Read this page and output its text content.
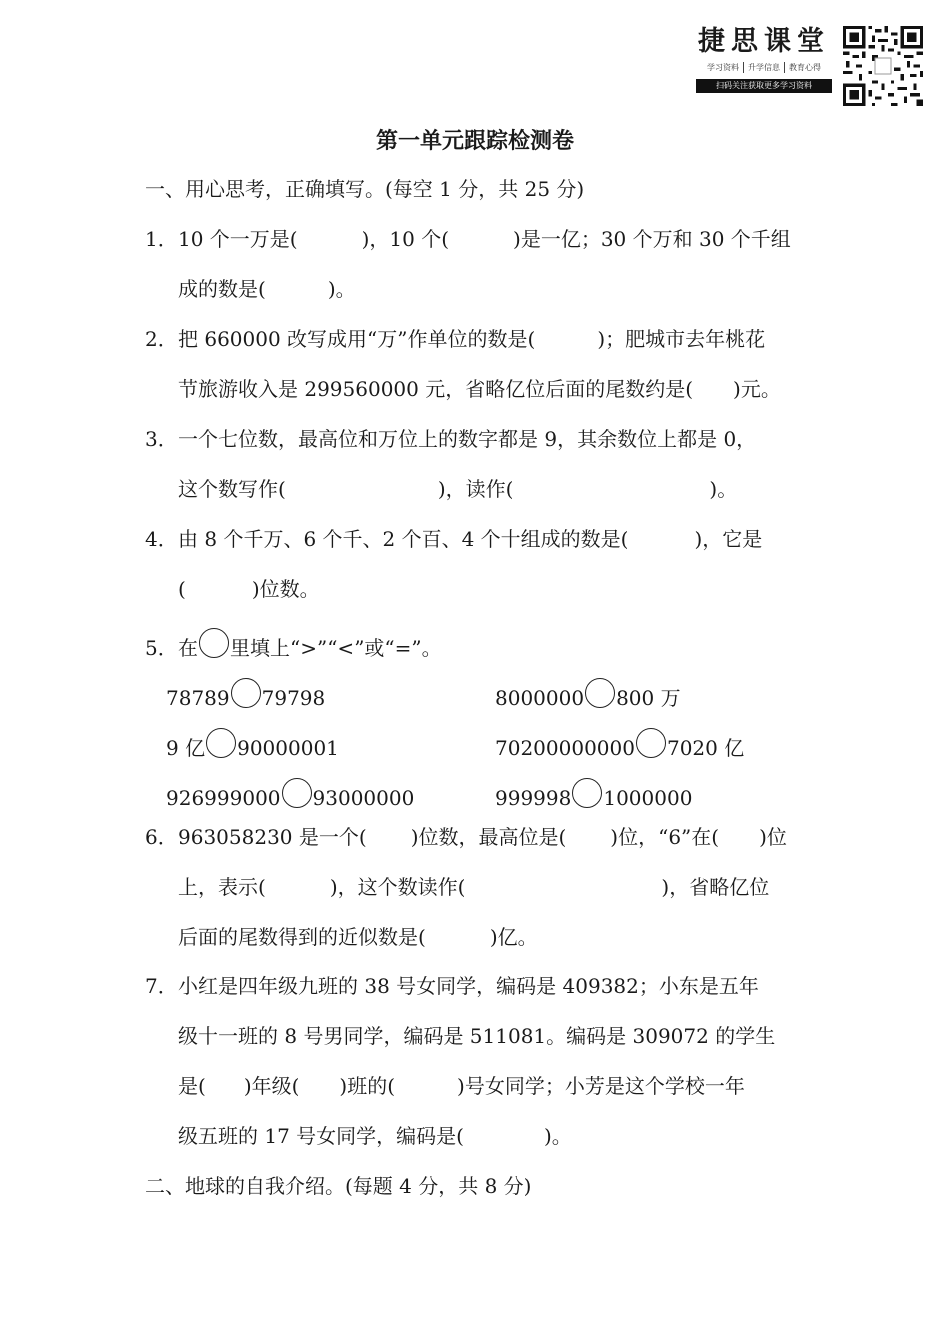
捷思课堂
学习资料	升学信息	教育心得
扫码关注获取更多学习资料
第一单元跟踪检测卷
一、用心思考，正确填写。(每空 1 分，共 25 分)
1．10 个一万是(	)，10 个(	)是一亿；30 个万和 30 个千组
成的数是(	)。
2．把 660000 改写成用“万”作单位的数是(	)；肥城市去年桃花
节旅游收入是 299560000 元，省略亿位后面的尾数约是( )元。
3．一个七位数，最高位和万位上的数字都是 9，其余数位上都是 0，
这个数写作(	)，读作(	)。
4．由 8 个千万、6 个千、2 个百、4 个十组成的数是(	)，它是
(	)位数。
5．在 里填上“>”“<”或“=”。
78789 79798	8000000 800 万
9 亿 90000001	70200000000 7020 亿
926999000 93000000	999998 1000000
6．963058230 是一个( )位数，最高位是( )位，“6”在( )位
上，表示(	)，这个数读作(	)，省略亿位
后面的尾数得到的近似数是(	)亿。
7．小红是四年级九班的 38 号女同学，编码是 409382；小东是五年
级十一班的 8 号男同学，编码是 511081。编码是 309072 的学生
是( )年级( )班的(	)号女同学；小芳是这个学校一年
级五班的 17 号女同学，编码是(	)。
二、地球的自我介绍。(每题 4 分，共 8 分)
